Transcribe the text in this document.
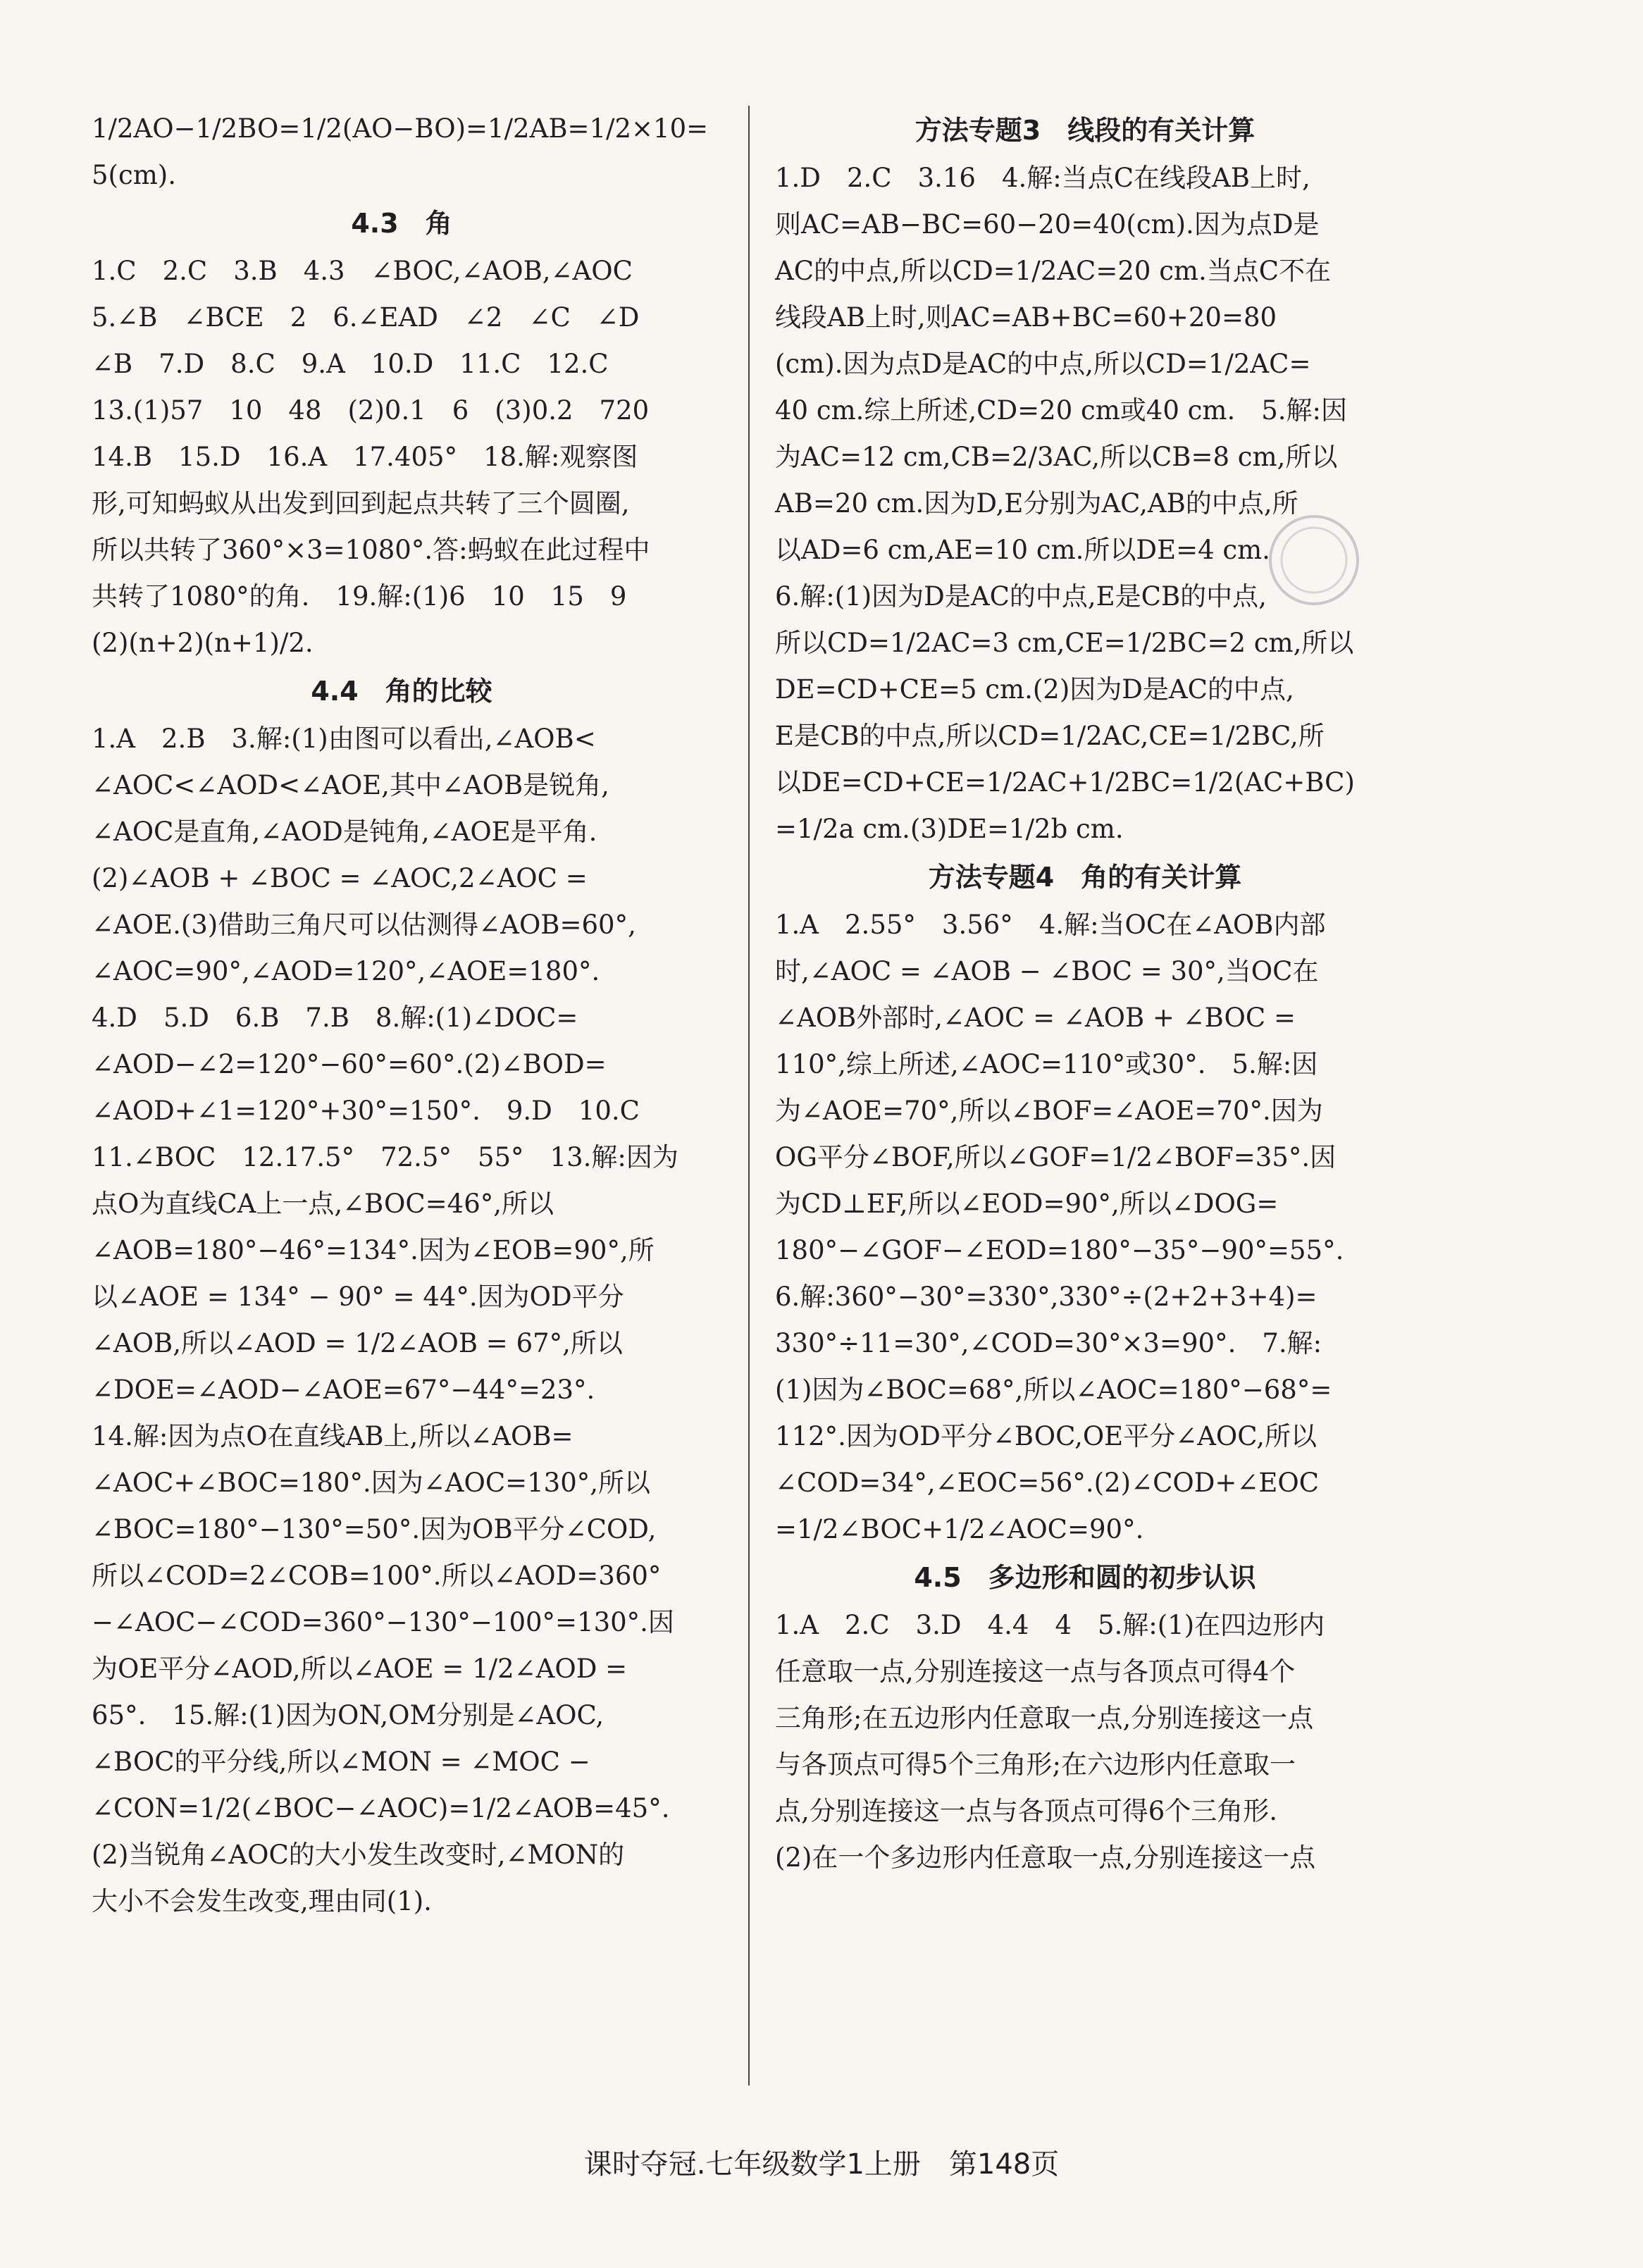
1/2AO−1/2BO=1/2(AO−BO)=1/2AB=1/2×10=
5(cm).
4.3　角
1.C　2.C　3.B　4.3　∠BOC,∠AOB,∠AOC
5.∠B　∠BCE　2　6.∠EAD　∠2　∠C　∠D
∠B　7.D　8.C　9.A　10.D　11.C　12.C
13.(1)57　10　48　(2)0.1　6　(3)0.2　720
14.B　15.D　16.A　17.405°　18.解:观察图
形,可知蚂蚁从出发到回到起点共转了三个圆圈,
所以共转了360°×3=1080°.答:蚂蚁在此过程中
共转了1080°的角.　19.解:(1)6　10　15　9
(2)(n+2)(n+1)/2.
4.4　角的比较
1.A　2.B　3.解:(1)由图可以看出,∠AOB<
∠AOC<∠AOD<∠AOE,其中∠AOB是锐角,
∠AOC是直角,∠AOD是钝角,∠AOE是平角.
(2)∠AOB + ∠BOC = ∠AOC,2∠AOC =
∠AOE.(3)借助三角尺可以估测得∠AOB=60°,
∠AOC=90°,∠AOD=120°,∠AOE=180°.
4.D　5.D　6.B　7.B　8.解:(1)∠DOC=
∠AOD−∠2=120°−60°=60°.(2)∠BOD=
∠AOD+∠1=120°+30°=150°.　9.D　10.C
11.∠BOC　12.17.5°　72.5°　55°　13.解:因为
点O为直线CA上一点,∠BOC=46°,所以
∠AOB=180°−46°=134°.因为∠EOB=90°,所
以∠AOE = 134° − 90° = 44°.因为OD平分
∠AOB,所以∠AOD = 1/2∠AOB = 67°,所以
∠DOE=∠AOD−∠AOE=67°−44°=23°.
14.解:因为点O在直线AB上,所以∠AOB=
∠AOC+∠BOC=180°.因为∠AOC=130°,所以
∠BOC=180°−130°=50°.因为OB平分∠COD,
所以∠COD=2∠COB=100°.所以∠AOD=360°
−∠AOC−∠COD=360°−130°−100°=130°.因
为OE平分∠AOD,所以∠AOE = 1/2∠AOD =
65°.　15.解:(1)因为ON,OM分别是∠AOC,
∠BOC的平分线,所以∠MON = ∠MOC −
∠CON=1/2(∠BOC−∠AOC)=1/2∠AOB=45°.
(2)当锐角∠AOC的大小发生改变时,∠MON的
大小不会发生改变,理由同(1).
方法专题3　线段的有关计算
1.D　2.C　3.16　4.解:当点C在线段AB上时,
则AC=AB−BC=60−20=40(cm).因为点D是
AC的中点,所以CD=1/2AC=20 cm.当点C不在
线段AB上时,则AC=AB+BC=60+20=80
(cm).因为点D是AC的中点,所以CD=1/2AC=
40 cm.综上所述,CD=20 cm或40 cm.　5.解:因
为AC=12 cm,CB=2/3AC,所以CB=8 cm,所以
AB=20 cm.因为D,E分别为AC,AB的中点,所
以AD=6 cm,AE=10 cm.所以DE=4 cm.
6.解:(1)因为D是AC的中点,E是CB的中点,
所以CD=1/2AC=3 cm,CE=1/2BC=2 cm,所以
DE=CD+CE=5 cm.(2)因为D是AC的中点,
E是CB的中点,所以CD=1/2AC,CE=1/2BC,所
以DE=CD+CE=1/2AC+1/2BC=1/2(AC+BC)
=1/2a cm.(3)DE=1/2b cm.
方法专题4　角的有关计算
1.A　2.55°　3.56°　4.解:当OC在∠AOB内部
时,∠AOC = ∠AOB − ∠BOC = 30°,当OC在
∠AOB外部时,∠AOC = ∠AOB + ∠BOC =
110°,综上所述,∠AOC=110°或30°.　5.解:因
为∠AOE=70°,所以∠BOF=∠AOE=70°.因为
OG平分∠BOF,所以∠GOF=1/2∠BOF=35°.因
为CD⊥EF,所以∠EOD=90°,所以∠DOG=
180°−∠GOF−∠EOD=180°−35°−90°=55°.
6.解:360°−30°=330°,330°÷(2+2+3+4)=
330°÷11=30°,∠COD=30°×3=90°.　7.解:
(1)因为∠BOC=68°,所以∠AOC=180°−68°=
112°.因为OD平分∠BOC,OE平分∠AOC,所以
∠COD=34°,∠EOC=56°.(2)∠COD+∠EOC
=1/2∠BOC+1/2∠AOC=90°.
4.5　多边形和圆的初步认识
1.A　2.C　3.D　4.4　4　5.解:(1)在四边形内
任意取一点,分别连接这一点与各顶点可得4个
三角形;在五边形内任意取一点,分别连接这一点
与各顶点可得5个三角形;在六边形内任意取一
点,分别连接这一点与各顶点可得6个三角形.
(2)在一个多边形内任意取一点,分别连接这一点
课时夺冠.七年级数学1上册　第148页
